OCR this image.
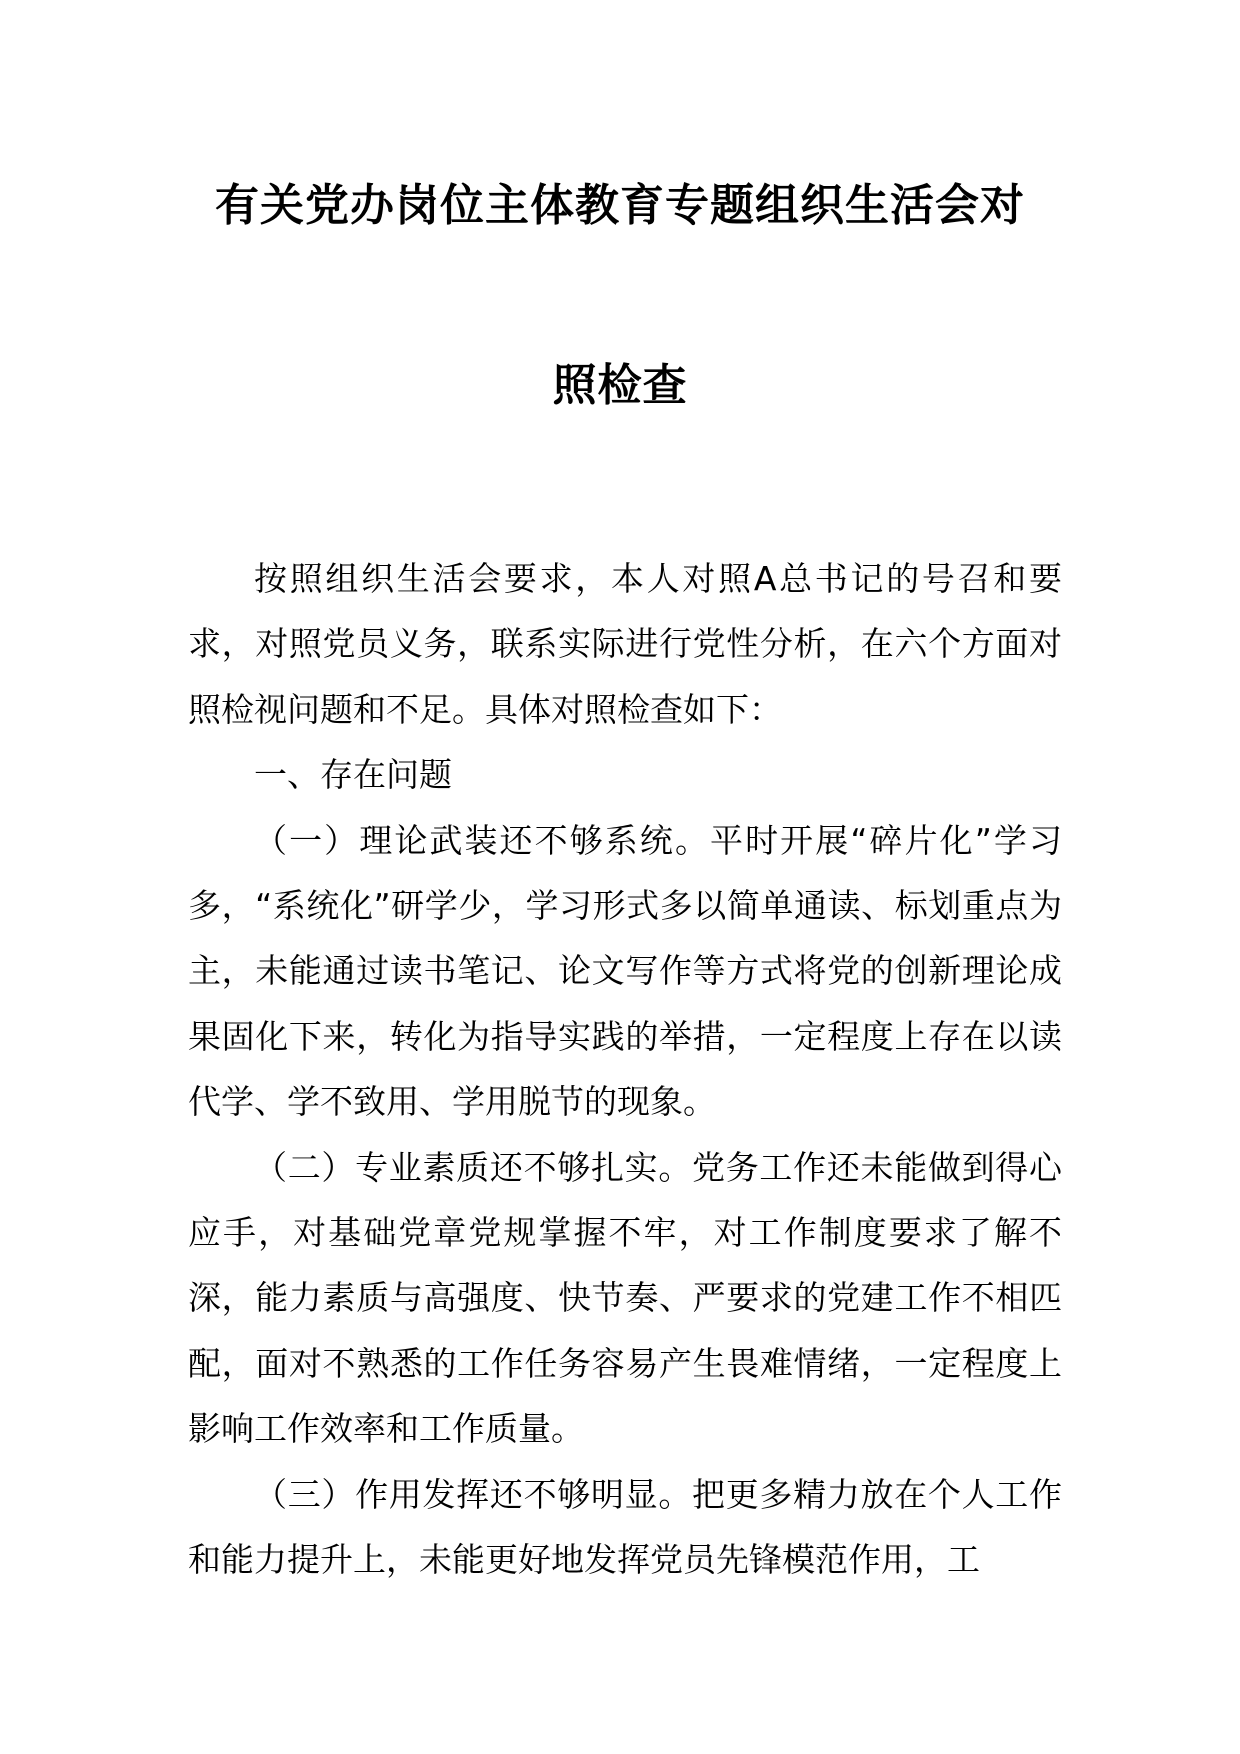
有关党办岗位主体教育专题组织生活会对
照检查

按照组织生活会要求，本人对照A总书记的号召和要求，对照党员义务，联系实际进行党性分析，在六个方面对照检视问题和不足。具体对照检查如下：

一、存在问题

（一）理论武装还不够系统。平时开展“碎片化”学习多，“系统化”研学少，学习形式多以简单通读、标划重点为主，未能通过读书笔记、论文写作等方式将党的创新理论成果固化下来，转化为指导实践的举措，一定程度上存在以读代学、学不致用、学用脱节的现象。

（二）专业素质还不够扎实。党务工作还未能做到得心应手，对基础党章党规掌握不牢，对工作制度要求了解不深，能力素质与高强度、快节奏、严要求的党建工作不相匹配，面对不熟悉的工作任务容易产生畏难情绪，一定程度上影响工作效率和工作质量。

（三）作用发挥还不够明显。把更多精力放在个人工作和能力提升上，未能更好地发挥党员先锋模范作用，工
